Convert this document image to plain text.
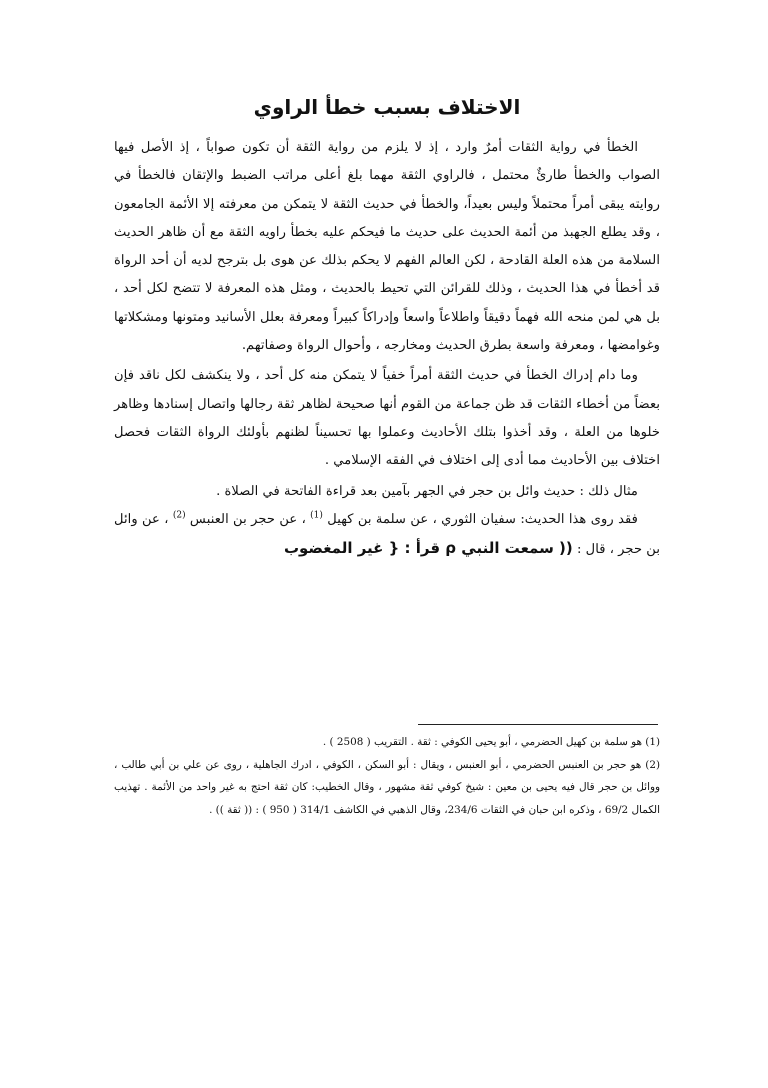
الاختلاف بسبب خطأ الراوي

الخطأ في رواية الثقات أمرٌ وارد ، إذ لا يلزم من رواية الثقة أن تكون صواباً ، إذ الأصل فيها الصواب والخطأ طارئٌ محتمل ، فالراوي الثقة مهما بلغ أعلى مراتب الضبط والإتقان فالخطأ في روايته يبقى أمراً محتملاً وليس بعيداً، والخطأ في حديث الثقة لا يتمكن من معرفته إلا الأئمة الجامعون ، وقد يطلع الجهبذ من أئمة الحديث على حديث ما فيحكم عليه بخطأ راويه الثقة مع أن ظاهر الحديث السلامة من هذه العلة القادحة ، لكن العالم الفهم لا يحكم بذلك عن هوى بل بترجح لديه أن أحد الرواة قد أخطأ في هذا الحديث ، وذلك للقرائن التي تحيط بالحديث ، ومثل هذه المعرفة لا تتضح لكل أحد ، بل هي لمن منحه الله فهماً دقيقاً واطلاعاً واسعاً وإدراكاً كبيراً ومعرفة بعلل الأسانيد ومتونها ومشكلاتها وغوامضها ، ومعرفة واسعة بطرق الحديث ومخارجه ، وأحوال الرواة وصفاتهم.

وما دام إدراك الخطأ في حديث الثقة أمراً خفياً لا يتمكن منه كل أحد ، ولا ينكشف لكل ناقد فإن بعضاً من أخطاء الثقات قد ظن جماعة من القوم أنها صحيحة لظاهر ثقة رجالها واتصال إسنادها وظاهر خلوها من العلة ، وقد أخذوا بتلك الأحاديث وعملوا بها تحسيناً لظنهم بأولئك الرواة الثقات فحصل اختلاف بين الأحاديث مما أدى إلى اختلاف في الفقه الإسلامي .

مثال ذلك : حديث وائل بن حجر في الجهر بآمين بعد قراءة الفاتحة في الصلاة .

فقد روى هذا الحديث: سفيان الثوري ، عن سلمة بن كهيل $^{(1)}$ ، عن حجر بن العنبس $^{(2)}$ ، عن وائل بن حجر ، قال : (( سمعت النبي ρ قرأ : { غير المغضوب

(1) هو سلمة بن كهيل الحضرمي ، أبو يحيى الكوفي : ثقة . التقريب ( 2508 ) .

(2) هو حجر بن العنبس الحضرمي ، أبو العنبس ، ويقال : أبو السكن ، الكوفي ، ادرك الجاهلية ، روى عن علي بن أبي طالب ، ووائل بن حجر قال فيه يحيى بن معين : شيخ كوفي ثقة مشهور ، وقال الخطيب: كان ثقة احتج به غير واحد من الأئمة . تهذيب الكمال 69/2 ، وذكره ابن حبان في الثقات 234/6، وقال الذهبي في الكاشف 314/1 ( 950 ) : (( ثقة )) .
